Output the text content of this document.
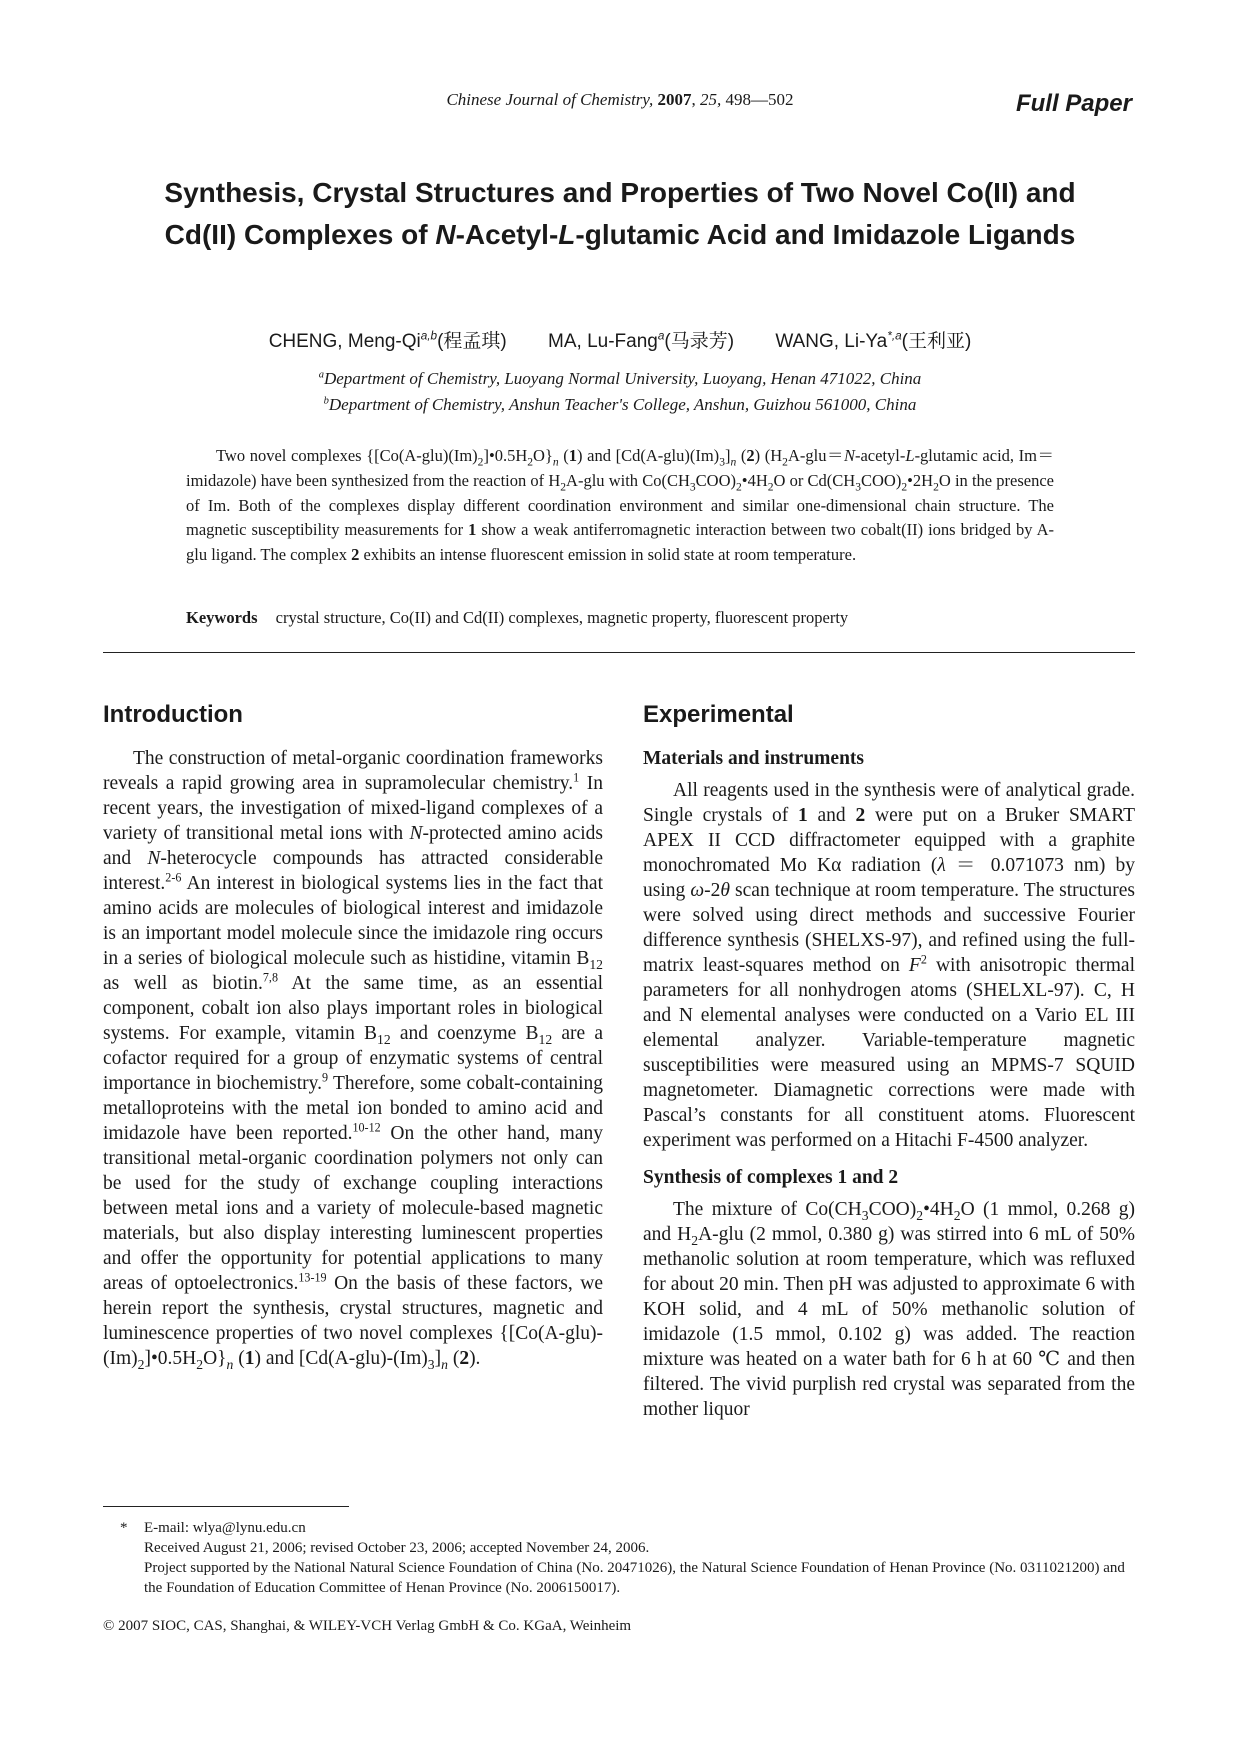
Chinese Journal of Chemistry, 2007, 25, 498—502	Full Paper
Synthesis, Crystal Structures and Properties of Two Novel Co(II) and Cd(II) Complexes of N-Acetyl-L-glutamic Acid and Imidazole Ligands
CHENG, Meng-Qi$^{a,b}$(程孟琪) MA, Lu-Fang$^a$(马录芳) WANG, $Li-Ya^{*,a}$(王利亚)
$^a$Department of Chemistry, Luoyang Normal University, Luoyang, Henan 471022, China
$^b$Department of Chemistry, Anshun Teacher's College, Anshun, Guizhou 561000, China

Two novel complexes $\{[Co(A-glu)(Im)_2]•0.5H_2O\}_n$ (1) and $[Cd(A-glu)(Im)_3]_n$ (2) ($H_2A-glu=N-acetyl-L$-glutamic acid, Im＝imidazole) have been synthesized from the reaction of $H_2A$-glu with $Co(CH_3COO)_2•4H_2O$ or $Cd(CH_3COO)_2•2H_2O$ in the presence of Im. Both of the complexes display different coordination environment and similar one-dimensional chain structure. The magnetic susceptibility measurements for 1 show a weak antiferromagnetic interaction between two cobalt(II) ions bridged by A-glu ligand. The complex 2 exhibits an intense fluorescent emission in solid state at room temperature.

Keywords crystal structure, Co(II) and Cd(II) complexes, magnetic property, fluorescent property
Introduction

The construction of metal-organic coordination frameworks reveals a rapid growing area in supramolecular chemistry.$^1$ In recent years, the investigation of mixed-ligand complexes of a variety of transitional metal ions with N-protected amino acids and N-heterocycle compounds has attracted considerable interest.$^{2-6}$ An interest in biological systems lies in the fact that amino acids are molecules of biological interest and imidazole is an important model molecule since the imidazole ring occurs in a series of biological molecule such as histidine, vitamin $B_{12}$ as well as biotin.$^{7,8}$ At the same time, as an essential component, cobalt ion also plays important roles in biological systems. For example, vitamin $B_{12}$ and coenzyme $B_{12}$ are a cofactor required for a group of enzymatic systems of central importance in biochemistry.$^9$ Therefore, some cobalt-containing metalloproteins with the metal ion bonded to amino acid and imidazole have been reported.$^{10-12}$ On the other hand, many transitional metal-organic coordination polymers not only can be used for the study of exchange coupling interactions between metal ions and a variety of molecule-based magnetic materials, but also display interesting luminescent properties and offer the opportunity for potential applications to many areas of optoelectronics.$^{13-19}$ On the basis of these factors, we herein report the synthesis, crystal structures, magnetic and luminescence properties of two novel complexes $\{[Co(A-glu)-(Im)_2]•0.5H_2O\}_n$ (1) and $[Cd(A-glu)-(Im)_3]_n$ (2).

Experimental
Materials and instruments

All reagents used in the synthesis were of analytical grade. Single crystals of 1 and 2 were put on a Bruker SMART APEX II CCD diffractometer equipped with a graphite monochromated Mo Kα radiation (λ ＝ 0.071073 nm) by using ω-2θ scan technique at room temperature. The structures were solved using direct methods and successive Fourier difference synthesis (SHELXS-97), and refined using the full-matrix least-squares method on $F^2$ with anisotropic thermal parameters for all nonhydrogen atoms (SHELXL-97). C, H and N elemental analyses were conducted on a Vario EL III elemental analyzer. Variable-temperature magnetic susceptibilities were measured using an MPMS-7 SQUID magnetometer. Diamagnetic corrections were made with Pascal’s constants for all constituent atoms. Fluorescent experiment was performed on a Hitachi F-4500 analyzer.

Synthesis of complexes 1 and 2

The mixture of $Co(CH_3COO)_2•4H_2O$ (1 mmol, 0.268 g) and $H_2A$-glu (2 mmol, 0.380 g) was stirred into 6 mL of 50% methanolic solution at room temperature, which was refluxed for about 20 min. Then pH was adjusted to approximate 6 with KOH solid, and 4 mL of 50% methanolic solution of imidazole (1.5 mmol, 0.102 g) was added. The reaction mixture was heated on a water bath for 6 h at 60 ℃ and then filtered. The vivid purplish red crystal was separated from the mother liquor

* E-mail: wlya@lynu.edu.cn
Received August 21, 2006; revised October 23, 2006; accepted November 24, 2006.
Project supported by the National Natural Science Foundation of China (No. 20471026), the Natural Science Foundation of Henan Province (No. 0311021200) and the Foundation of Education Committee of Henan Province (No. 2006150017).
© 2007 SIOC, CAS, Shanghai, & WILEY-VCH Verlag GmbH & Co. KGaA, Weinheim
